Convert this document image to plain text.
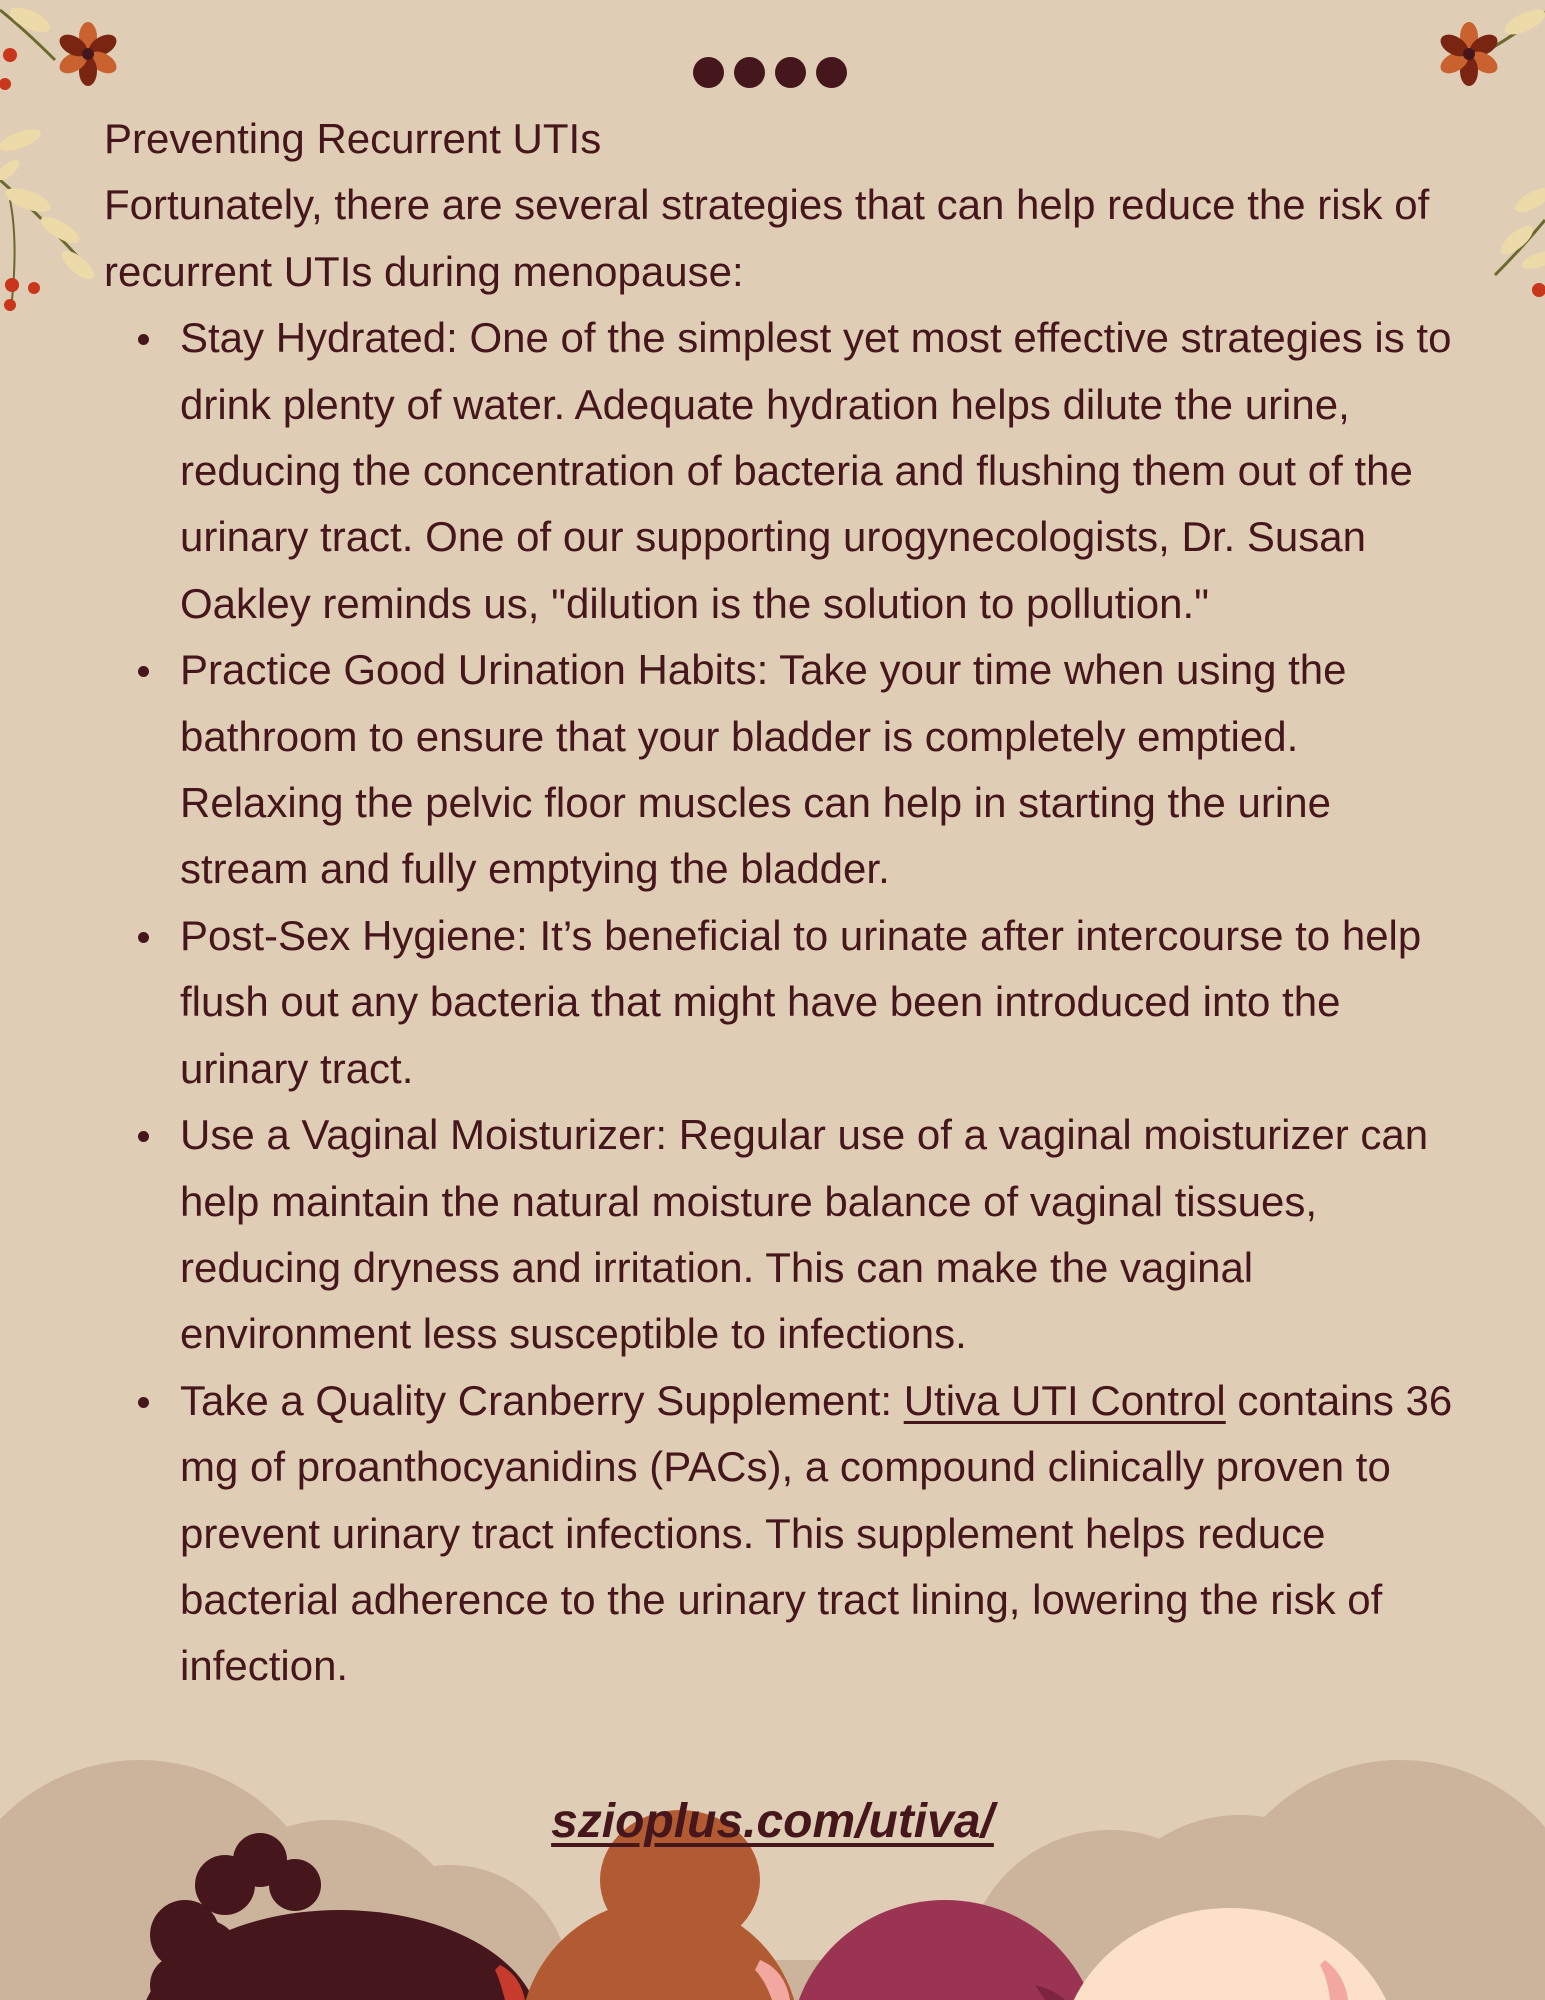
Preventing Recurrent UTIs

Fortunately, there are several strategies that can help reduce the risk of recurrent UTIs during menopause:

Stay Hydrated: One of the simplest yet most effective strategies is to drink plenty of water. Adequate hydration helps dilute the urine, reducing the concentration of bacteria and flushing them out of the urinary tract. One of our supporting urogynecologists, Dr. Susan Oakley reminds us, "dilution is the solution to pollution."
Practice Good Urination Habits: Take your time when using the bathroom to ensure that your bladder is completely emptied. Relaxing the pelvic floor muscles can help in starting the urine stream and fully emptying the bladder.
Post-Sex Hygiene: It’s beneficial to urinate after intercourse to help flush out any bacteria that might have been introduced into the urinary tract.
Use a Vaginal Moisturizer: Regular use of a vaginal moisturizer can help maintain the natural moisture balance of vaginal tissues, reducing dryness and irritation. This can make the vaginal environment less susceptible to infections.
Take a Quality Cranberry Supplement: Utiva UTI Control contains 36 mg of proanthocyanidins (PACs), a compound clinically proven to prevent urinary tract infections. This supplement helps reduce bacterial adherence to the urinary tract lining, lowering the risk of infection.
szioplus.com/utiva/
